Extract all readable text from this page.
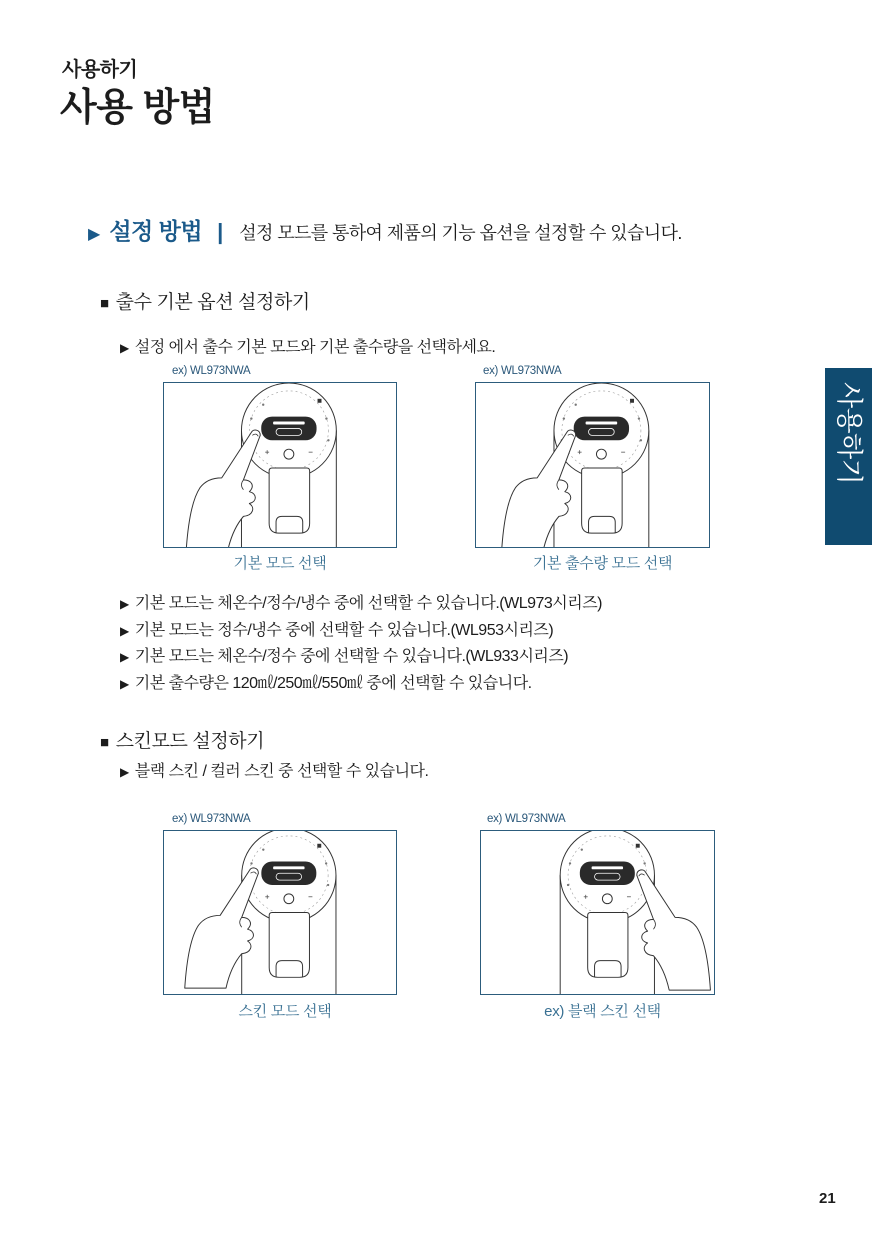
사용하기
사용 방법
▶ 설정 방법 | 설정 모드를 통하여 제품의 기능 옵션을 설정할 수 있습니다.
■ 출수 기본 옵션 설정하기
▶ 설정 에서 출수 기본 모드와 기본 출수량을 선택하세요.
ex) WL973NWA
기본 모드 선택
ex) WL973NWA
기본 출수량 모드 선택
▶ 기본 모드는 체온수/정수/냉수 중에 선택할 수 있습니다.(WL973시리즈)
▶ 기본 모드는 정수/냉수 중에 선택할 수 있습니다.(WL953시리즈)
▶ 기본 모드는 체온수/정수 중에 선택할 수 있습니다.(WL933시리즈)
▶ 기본 출수량은 120㎖/250㎖/550㎖ 중에 선택할 수 있습니다.
■ 스킨모드 설정하기
▶ 블랙 스킨 / 컬러 스킨 중 선택할 수 있습니다.
ex) WL973NWA
스킨 모드 선택
ex) WL973NWA
ex) 블랙 스킨 선택
사용하기
21
